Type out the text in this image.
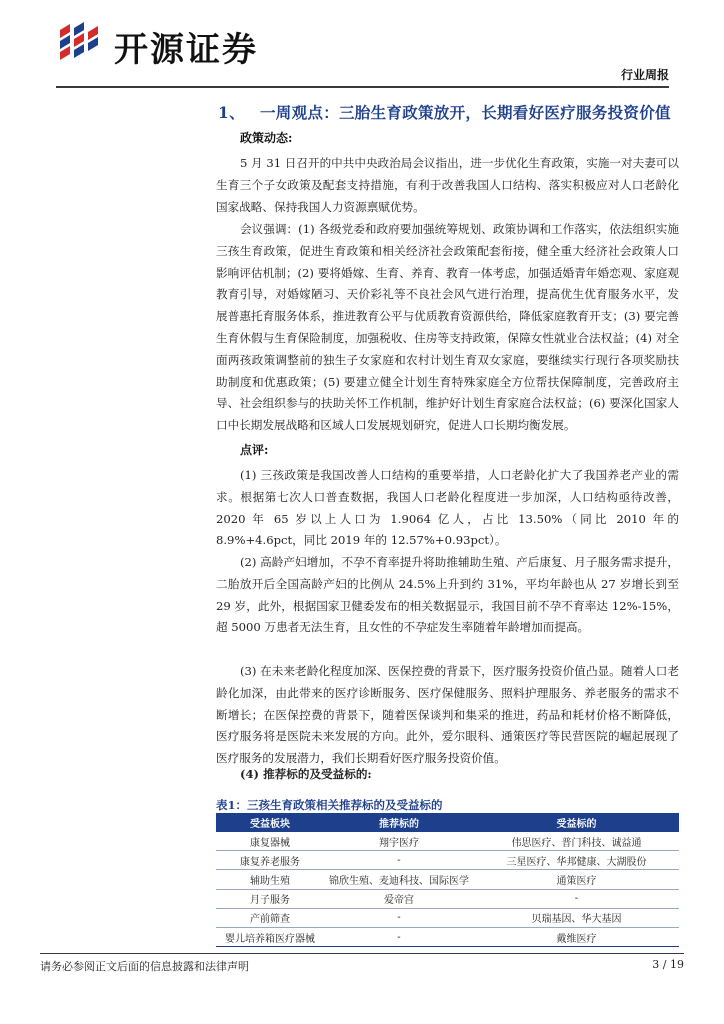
开源证券
行业周报
1、 一周观点：三胎生育政策放开，长期看好医疗服务投资价值
政策动态:
5 月 31 日召开的中共中央政治局会议指出，进一步优化生育政策，实施一对夫妻可以生育三个子女政策及配套支持措施，有利于改善我国人口结构、落实积极应对人口老龄化国家战略、保持我国人力资源禀赋优势。
会议强调：(1) 各级党委和政府要加强统筹规划、政策协调和工作落实，依法组织实施三孩生育政策，促进生育政策和相关经济社会政策配套衔接，健全重大经济社会政策人口影响评估机制；(2) 要将婚嫁、生育、养育、教育一体考虑，加强适婚青年婚恋观、家庭观教育引导，对婚嫁陋习、天价彩礼等不良社会风气进行治理，提高优生优育服务水平，发展普惠托育服务体系，推进教育公平与优质教育资源供给，降低家庭教育开支；(3) 要完善生育休假与生育保险制度，加强税收、住房等支持政策，保障女性就业合法权益；(4) 对全面两孩政策调整前的独生子女家庭和农村计划生育双女家庭，要继续实行现行各项奖励扶助制度和优惠政策；(5) 要建立健全计划生育特殊家庭全方位帮扶保障制度，完善政府主导、社会组织参与的扶助关怀工作机制，维护好计划生育家庭合法权益；(6) 要深化国家人口中长期发展战略和区域人口发展规划研究，促进人口长期均衡发展。
点评:
(1) 三孩政策是我国改善人口结构的重要举措，人口老龄化扩大了我国养老产业的需求。根据第七次人口普查数据，我国人口老龄化程度进一步加深，人口结构亟待改善，2020 年 65 岁以上人口为 1.9064 亿人，占比 13.50%（同比 2010 年的 8.9%+4.6pct，同比 2019 年的 12.57%+0.93pct）。
(2) 高龄产妇增加，不孕不育率提升将助推辅助生殖、产后康复、月子服务需求提升，二胎放开后全国高龄产妇的比例从 24.5%上升到约 31%，平均年龄也从 27 岁增长到至 29 岁，此外，根据国家卫健委发布的相关数据显示，我国目前不孕不育率达 12%-15%，超 5000 万患者无法生育，且女性的不孕症发生率随着年龄增加而提高。
(3) 在未来老龄化程度加深、医保控费的背景下，医疗服务投资价值凸显。随着人口老龄化加深，由此带来的医疗诊断服务、医疗保健服务、照料护理服务、养老服务的需求不断增长；在医保控费的背景下，随着医保谈判和集采的推进，药品和耗材价格不断降低，医疗服务将是医院未来发展的方向。此外，爱尔眼科、通策医疗等民营医院的崛起展现了医疗服务的发展潜力，我们长期看好医疗服务投资价值。
(4) 推荐标的及受益标的:
表1：三孩生育政策相关推荐标的及受益标的
受益板块	推荐标的	受益标的
康复器械	翔宇医疗	伟思医疗、普门科技、诚益通
康复养老服务	-	三星医疗、华邦健康、大湖股份
辅助生殖	锦欣生殖、麦迪科技、国际医学	通策医疗
月子服务	爱帝宫	-
产前筛查	-	贝瑞基因、华大基因
婴儿培养箱医疗器械	-	戴维医疗
请务必参阅正文后面的信息披露和法律声明	3 / 19
